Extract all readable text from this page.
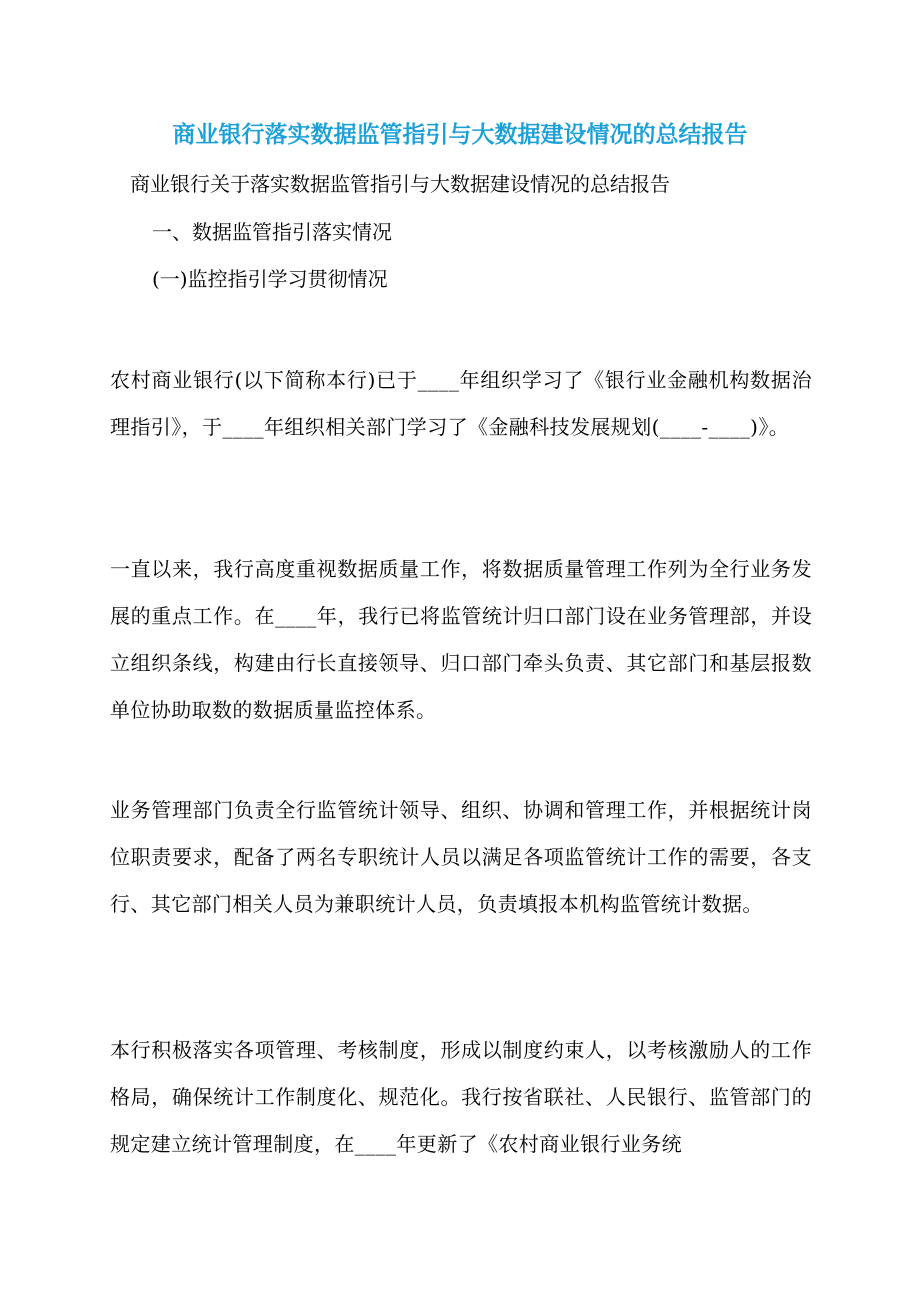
商业银行落实数据监管指引与大数据建设情况的总结报告

商业银行关于落实数据监管指引与大数据建设情况的总结报告

一、数据监管指引落实情况

(一)监控指引学习贯彻情况

农村商业银行(以下简称本行)已于____年组织学习了《银行业金融机构数据治理指引》，于____年组织相关部门学习了《金融科技发展规划(____-____)》。

一直以来，我行高度重视数据质量工作，将数据质量管理工作列为全行业务发展的重点工作。在____年，我行已将监管统计归口部门设在业务管理部，并设立组织条线，构建由行长直接领导、归口部门牵头负责、其它部门和基层报数单位协助取数的数据质量监控体系。

业务管理部门负责全行监管统计领导、组织、协调和管理工作，并根据统计岗位职责要求，配备了两名专职统计人员以满足各项监管统计工作的需要，各支行、其它部门相关人员为兼职统计人员，负责填报本机构监管统计数据。

本行积极落实各项管理、考核制度，形成以制度约束人，以考核激励人的工作格局，确保统计工作制度化、规范化。我行按省联社、人民银行、监管部门的规定建立统计管理制度，在____年更新了《农村商业银行业务统
